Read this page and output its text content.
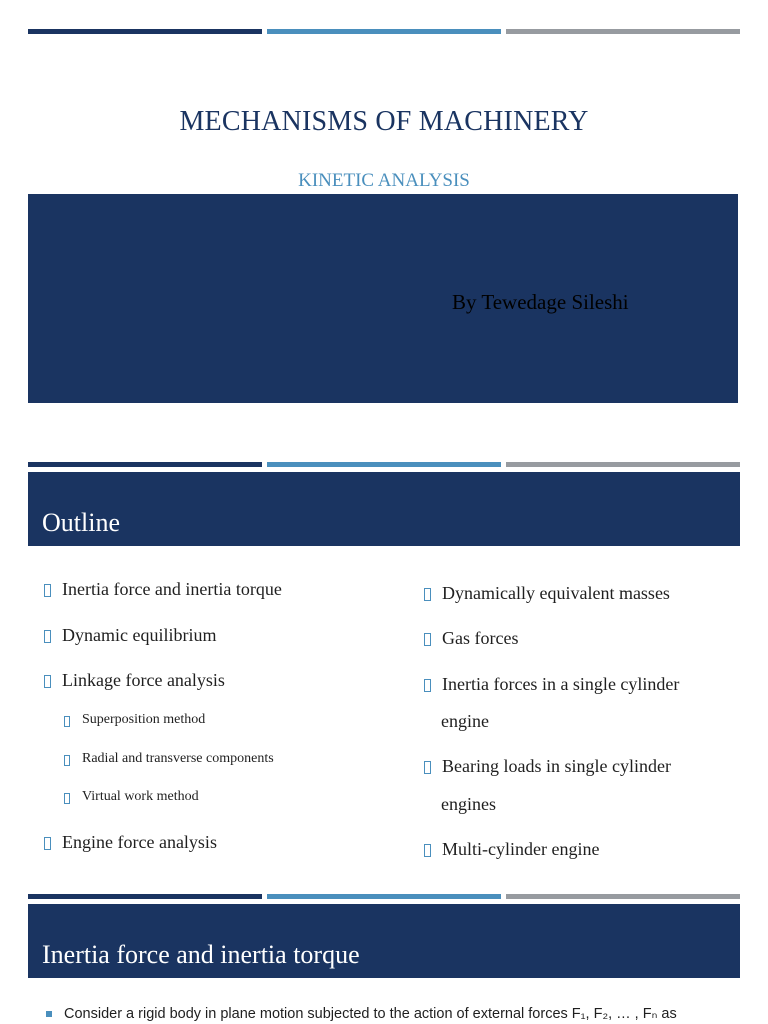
MECHANISMS OF MACHINERY
KINETIC ANALYSIS
By Tewedage Sileshi
Outline
Inertia force and inertia torque
Dynamic equilibrium
Linkage force analysis
Superposition method
Radial and transverse components
Virtual work method
Engine force analysis
Dynamically equivalent masses
Gas forces
Inertia forces in a single cylinder
engine
Bearing loads in single cylinder
engines
Multi-cylinder engine
Inertia force and inertia torque
Consider a rigid body in plane motion subjected to the action of external forces F₁, F₂, … , Fₙ as
